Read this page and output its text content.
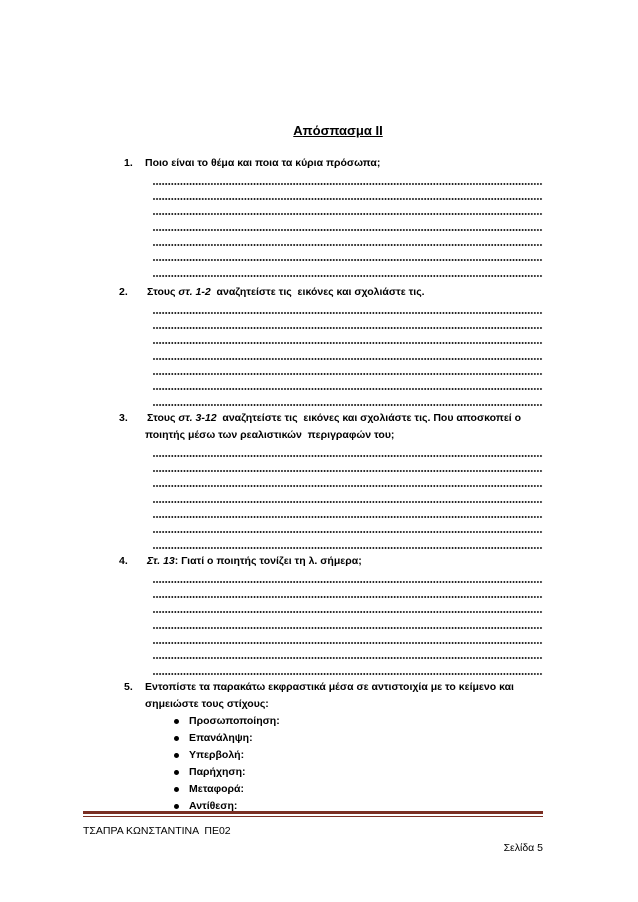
Απόσπασμα II

1.

Ποιο είναι το θέμα και ποια τα κύρια πρόσωπα;

2.

Στους στ. 1-2  αναζητείστε τις  εικόνες και σχολιάστε τις.

3.

Στους στ. 3-12  αναζητείστε τις  εικόνες και σχολιάστε τις. Που αποσκοπεί ο

ποιητής μέσω των ρεαλιστικών  περιγραφών του;

4.

Στ. 13: Γιατί ο ποιητής τονίζει τη λ. σήμερα;

5.

Εντοπίστε τα παρακάτω εκφραστικά μέσα σε αντιστοιχία με το κείμενο και

σημειώστε τους στίχους:

Προσωποποίηση:
Επανάληψη:
Υπερβολή:
Παρήχηση:
Μεταφορά:
Αντίθεση:
ΤΣΑΠΡΑ ΚΩΝΣΤΑΝΤΙΝΑ  ΠΕ02
Σελίδα 5
